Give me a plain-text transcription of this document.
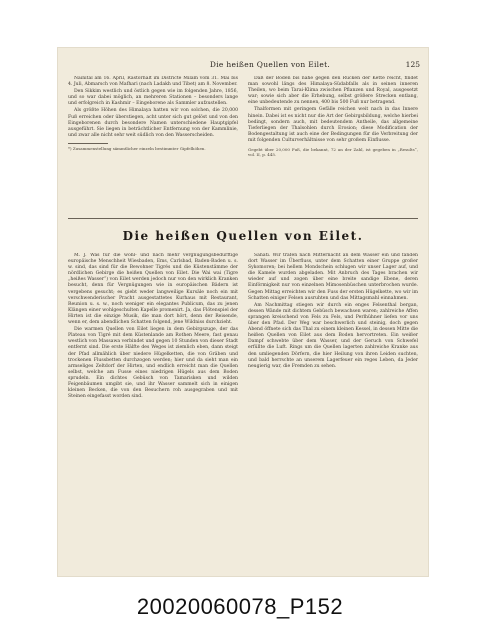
Die heißen Quellen von Eilet.	125

Nainital am 16. April, Rastorhalt im Districte Milam vom 31. Mai bis 4. Juli, Abmarsch von Mafhari (nach Ladakh und Tibet) am 8. November.

Den Sikkim westlich und östlich gegen wie im folgenden Jahre, 1856, und so war dabei möglich, an mehreren Stationen – besonders lange und erfolgreich in Kashmir – Eingeborene als Sammler aufzustellen.

Als größte Höhen des Himalaya hatten wir von solchen, die 20,000 Fuß erreichen oder überstiegen, acht unter sich gut gelöst und von den Eingeborenen durch besondere Namen unterschiedene Hauptgipfel ausgeführt. Sie liegen in beträchtlicher Entfernung von der Kammlinie, und zwar alle nicht sehr weit südlich von den Wasserscheiden.

*) Zusammenstellung sämmtlicher einzeln bestimmter Gipfelhöhen.

Daß der Boden bis nahe gegen den Rücken der Kette reicht, findet man sowohl längs des Himalaya-Südabfalls als in seinen inneren Theilen, wo beim Tarai-Klima zwischen Pflanzen und Royal, ausgesetzt war; sowie sich aber die Erhebung, selbst größere Strecken entlang, eine unbedeutende zu nennen, 400 bis 500 Fuß nur betragend.

Thalformen mit geringem Gefälle reichen weit nach in das Innere hinein. Dabei ist es nicht nur die Art der Gebirgsbildung, welche hierbei bedingt, sondern auch, mit bedeutendem Antheile, das allgemeine Tieferliegen der Thalsohlen durch Erosion; diese Modification der Bodengestaltung ist auch eine der Bedingungen für die Verbreitung der mit folgenden Culturverhältnisse von sehr großem Einflusse.

Gegebt über 20,000 Fuß, die bekannt, 72 an der Zahl, ist gegeben in „Results“, vol. II, p. 445.
Die heißen Quellen von Eilet.

M. J. Was für die wohl- und nach mehr vergnügungsbedürftige europäische Menschheit Wiesbaden, Ems, Carlsbad, Baden-Baden u. s. w. sind, das sind für die Bewohner Tigrés und die Küstenstämme der nördlichen Gebirge die heißen Quellen von Eilet. Die Wai wai (Tigre „heißes Wasser“) von Eilet werden jedoch nur von den wirklich Kranken besucht, denn für Vergnügungen wie in europäischen Bädern ist vergebens gesucht; es giebt weder langweilige Kursäle noch ein mit verschwenderischer Pracht ausgestattetes Kurhaus mit Restaurant, Reunion u. s. w., noch weniger ein elegantes Publicum, das zu jenen Klängen einer wohlgeschulten Kapelle promenirt. Ja, das Flötenspiel der Hirten ist die einzige Musik, die man dort hört, denn der Reisende, wenn er, dem abendlichen Schatten folgend, jene Wildniss durchzieht.

Die warmen Quellen von Eilet liegen in dem Gebirgszuge, der das Plateau von Tigré mit dem Küstenlande am Rothen Meere, fast genau westlich von Massawa verbindet und gegen 10 Stunden von dieser Stadt entfernt sind. Die erste Hälfte des Weges ist ziemlich eben, dann steigt der Pfad allmählich über niedere Hügelketten, die von Gräben und trockenen Flussbetten durchzogen werden; hier und da sieht man ein armseliges Zeltdorf der Hirten, und endlich erreicht man die Quellen selbst, welche am Fusse eines niedrigen Hügels aus dem Boden sprudeln. Ein dichtes Gebüsch von Tamarisken und wilden Feigenbäumen umgibt sie, und ihr Wasser sammelt sich in einigen kleinen Becken, die von den Besuchern roh ausgegraben und mit Steinen eingefasst worden sind.

Sahati. Wir trafen nach Mitternacht an dem Wasser ein und fanden dort Wasser im Überfluss, unter dem Schatten einer Gruppe großer Sykomoren; bei hellem Mondschein schlugen wir unser Lager auf, und die Kamele wurden abgeladen. Mit Anbruch des Tages brachen wir wieder auf und zogen über eine breite sandige Ebene, deren Einförmigkeit nur von einzelnen Mimosenbüschen unterbrochen wurde. Gegen Mittag erreichten wir den Fuss der ersten Hügelkette, wo wir im Schatten einiger Felsen ausruhten und das Mittagsmahl einnahmen.

Am Nachmittag stiegen wir durch ein enges Felsenthal bergan, dessen Wände mit dichtem Gebüsch bewachsen waren; zahlreiche Affen sprangen kreischend von Fels zu Fels, und Perlhühner liefen vor uns über den Pfad. Der Weg war beschwerlich und steinig, doch gegen Abend öffnete sich das Thal zu einem kleinen Kessel, in dessen Mitte die heißen Quellen von Eilet aus dem Boden hervortreten. Ein weißer Dampf schwebte über dem Wasser, und der Geruch von Schwefel erfüllte die Luft. Rings um die Quellen lagerten zahlreiche Kranke aus den umliegenden Dörfern, die hier Heilung von ihren Leiden suchten, und bald herrschte an unserem Lagerfeuer ein reges Leben, da Jeder neugierig war, die Fremden zu sehen.

20020060078_P152
